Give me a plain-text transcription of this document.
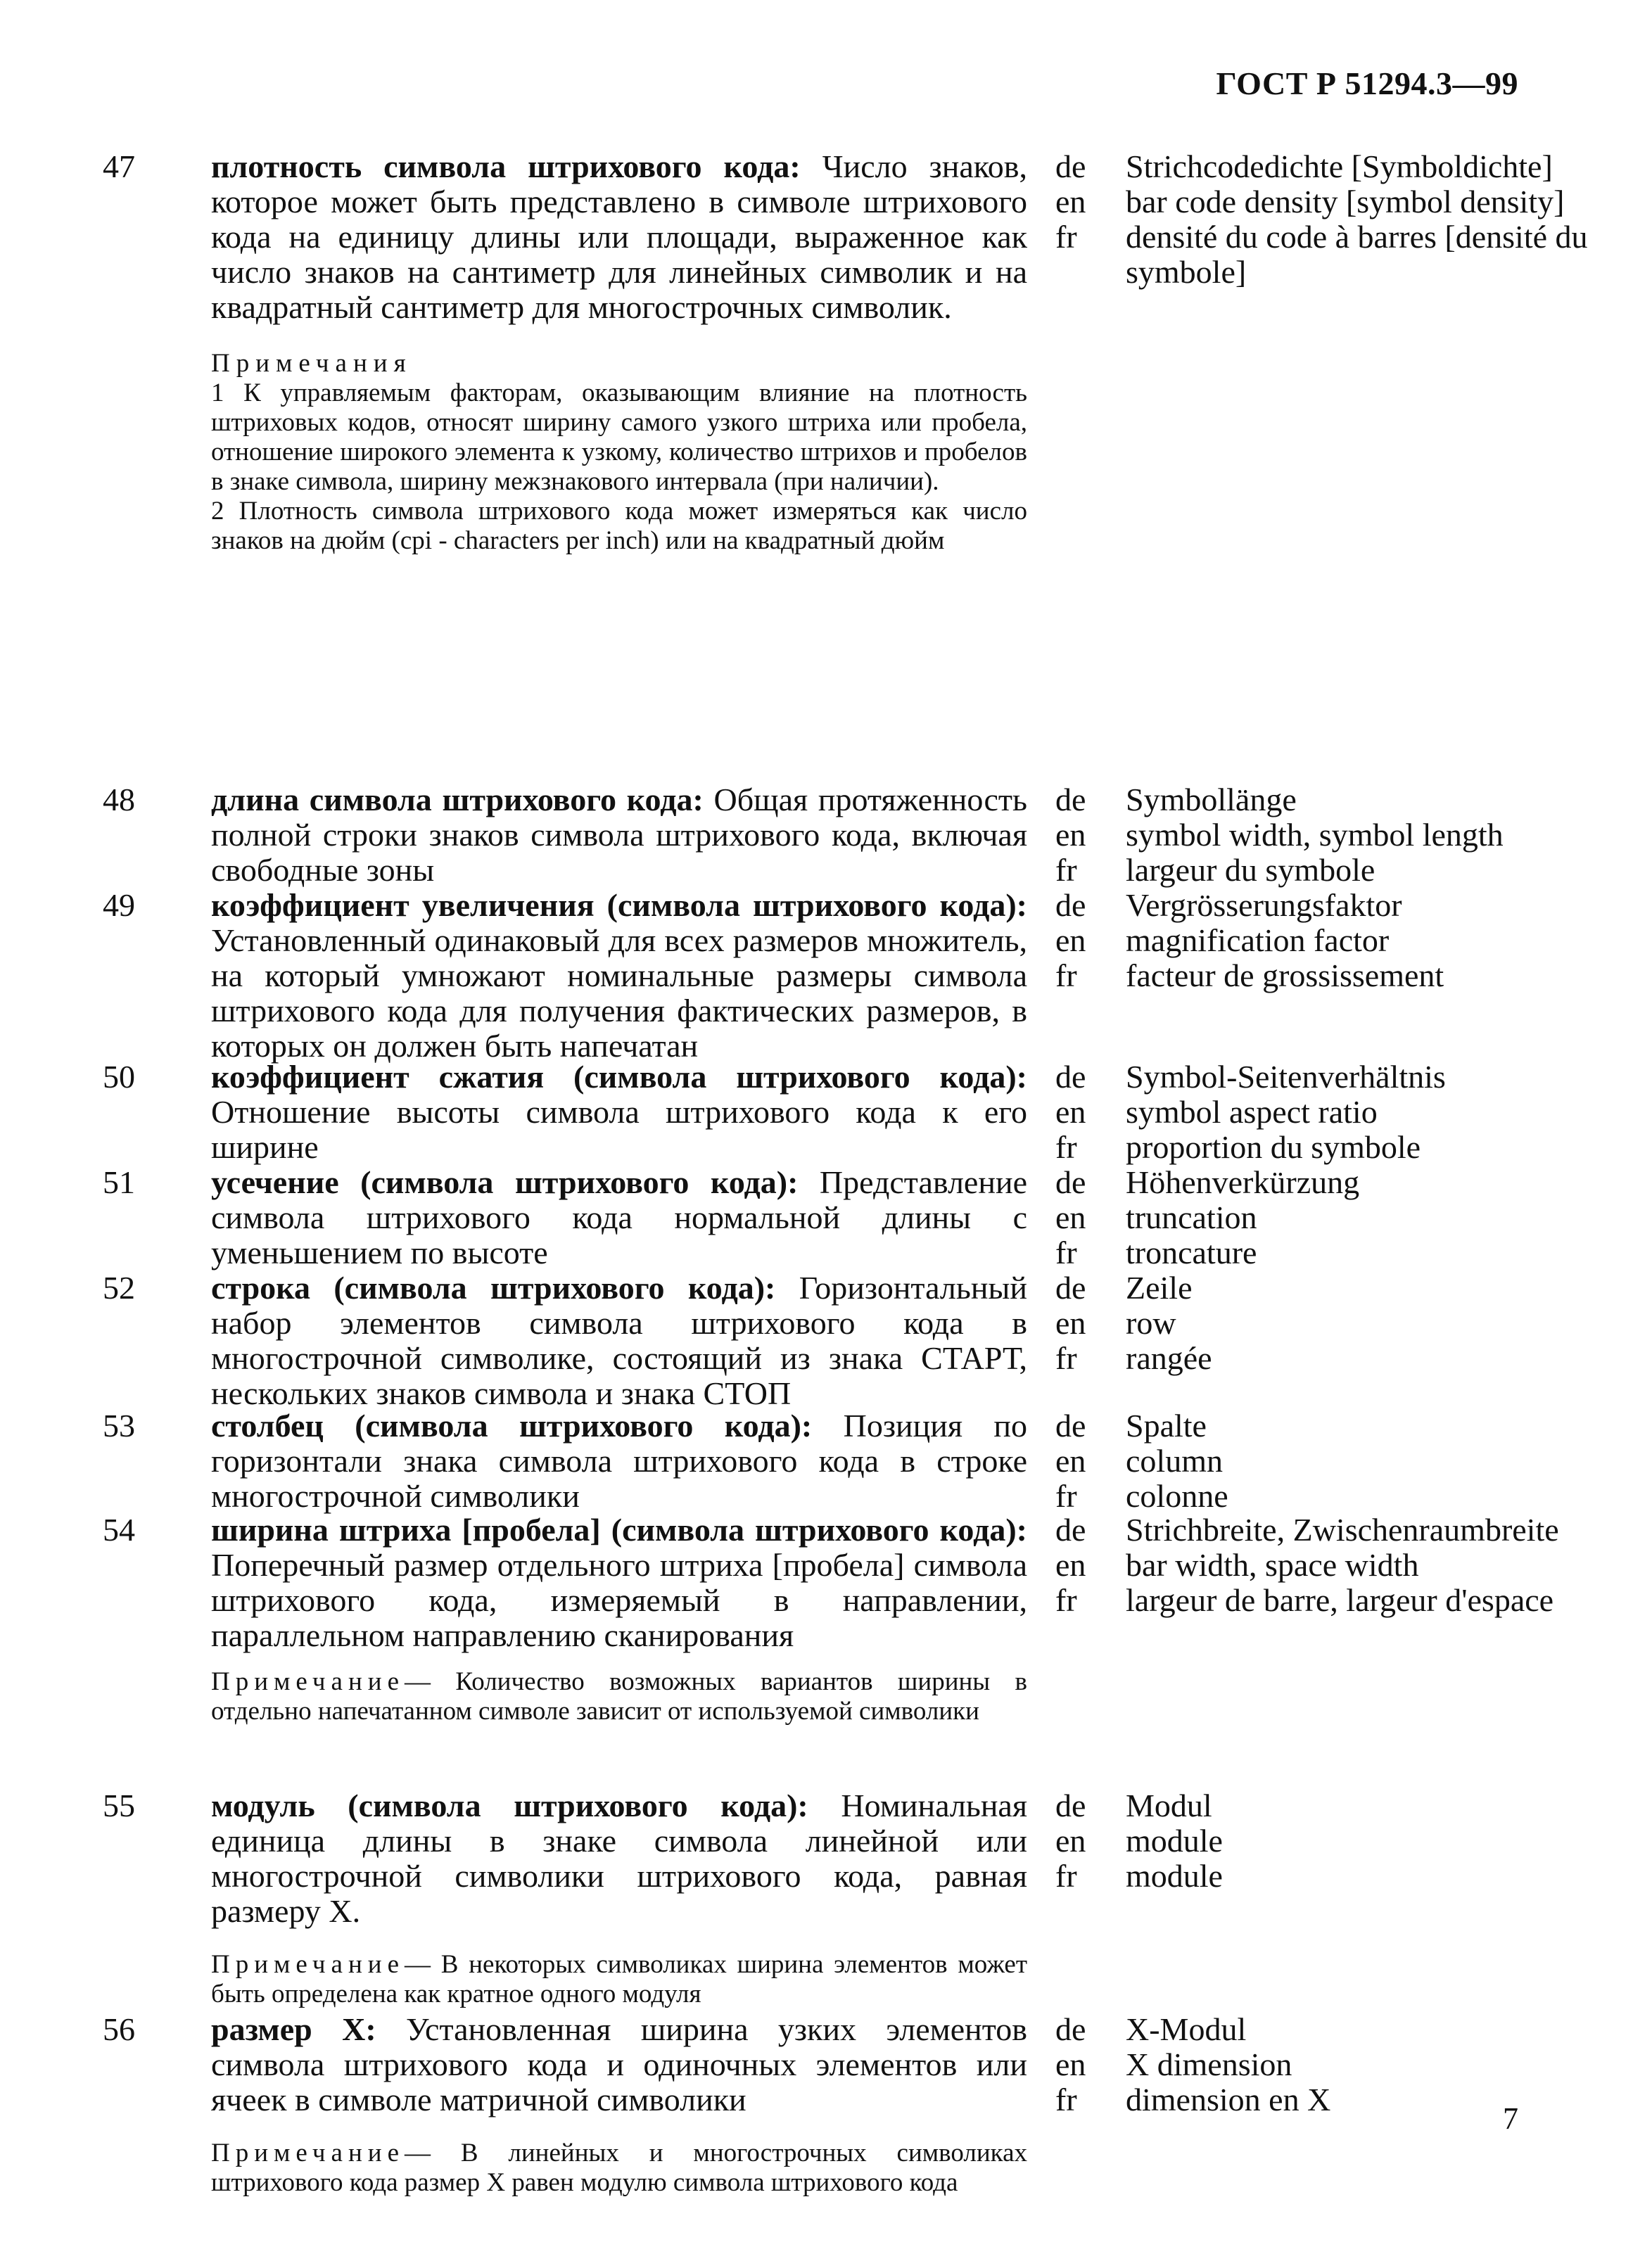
ГОСТ Р 51294.3—99
47 плотность символа штрихового кода: Число знаков, которое может быть представлено в символе штрихового кода на единицу длины или площади, выраженное как число знаков на сантиметр для линейных символик и на квадратный сантиметр для многострочных символик.
Примечания
1 К управляемым факторам, оказывающим влияние на плотность штриховых кодов, относят ширину самого узкого штриха или пробела, отношение широкого элемента к узкому, количество штрихов и пробелов в знаке символа, ширину межзнакового интервала (при наличии).
2 Плотность символа штрихового кода может измеряться как число знаков на дюйм (cpi - characters per inch) или на квадратный дюйм
de	Strichcodedichte [Symboldichte]
en	bar code density [symbol density]
fr	densité du code à barres [densité du symbole]
48 длина символа штрихового кода: Общая протяженность полной строки знаков символа штрихового кода, включая свободные зоны
de	Symbollänge
en	symbol width, symbol length
fr	largeur du symbole
49 коэффициент увеличения (символа штрихового кода): Установленный одинаковый для всех размеров множитель, на который умножают номинальные размеры символа штрихового кода для получения фактических размеров, в которых он должен быть напечатан
de	Vergrösserungsfaktor
en	magnification factor
fr	facteur de grossissement
50 коэффициент сжатия (символа штрихового кода): Отношение высоты символа штрихового кода к его ширине
de	Symbol-Seitenverhältnis
en	symbol aspect ratio
fr	proportion du symbole
51 усечение (символа штрихового кода): Представление символа штрихового кода нормальной длины с уменьшением по высоте
de	Höhenverkürzung
en	truncation
fr	troncature
52 строка (символа штрихового кода): Горизонтальный набор элементов символа штрихового кода в многострочной символике, состоящий из знака СТАРТ, нескольких знаков символа и знака СТОП
de	Zeile
en	row
fr	rangée
53 столбец (символа штрихового кода): Позиция по горизонтали знака символа штрихового кода в строке многострочной символики
de	Spalte
en	column
fr	colonne
54 ширина штриха [пробела] (символа штрихового кода): Поперечный размер отдельного штриха [пробела] символа штрихового кода, измеряемый в направлении, параллельном направлению сканирования
Примечание— Количество возможных вариантов ширины в отдельно напечатанном символе зависит от используемой символики
de	Strichbreite, Zwischenraumbreite
en	bar width, space width
fr	largeur de barre, largeur d'espace
55 модуль (символа штрихового кода): Номинальная единица длины в знаке символа линейной или многострочной символики штрихового кода, равная размеру X.
Примечание— В некоторых символиках ширина элементов может быть определена как кратное одного модуля
de	Modul
en	module
fr	module
56 размер X: Установленная ширина узких элементов символа штрихового кода и одиночных элементов или ячеек в символе матричной символики
Примечание— В линейных и многострочных символиках штрихового кода размер X равен модулю символа штрихового кода
de	X-Modul
en	X dimension
fr	dimension en X
7
